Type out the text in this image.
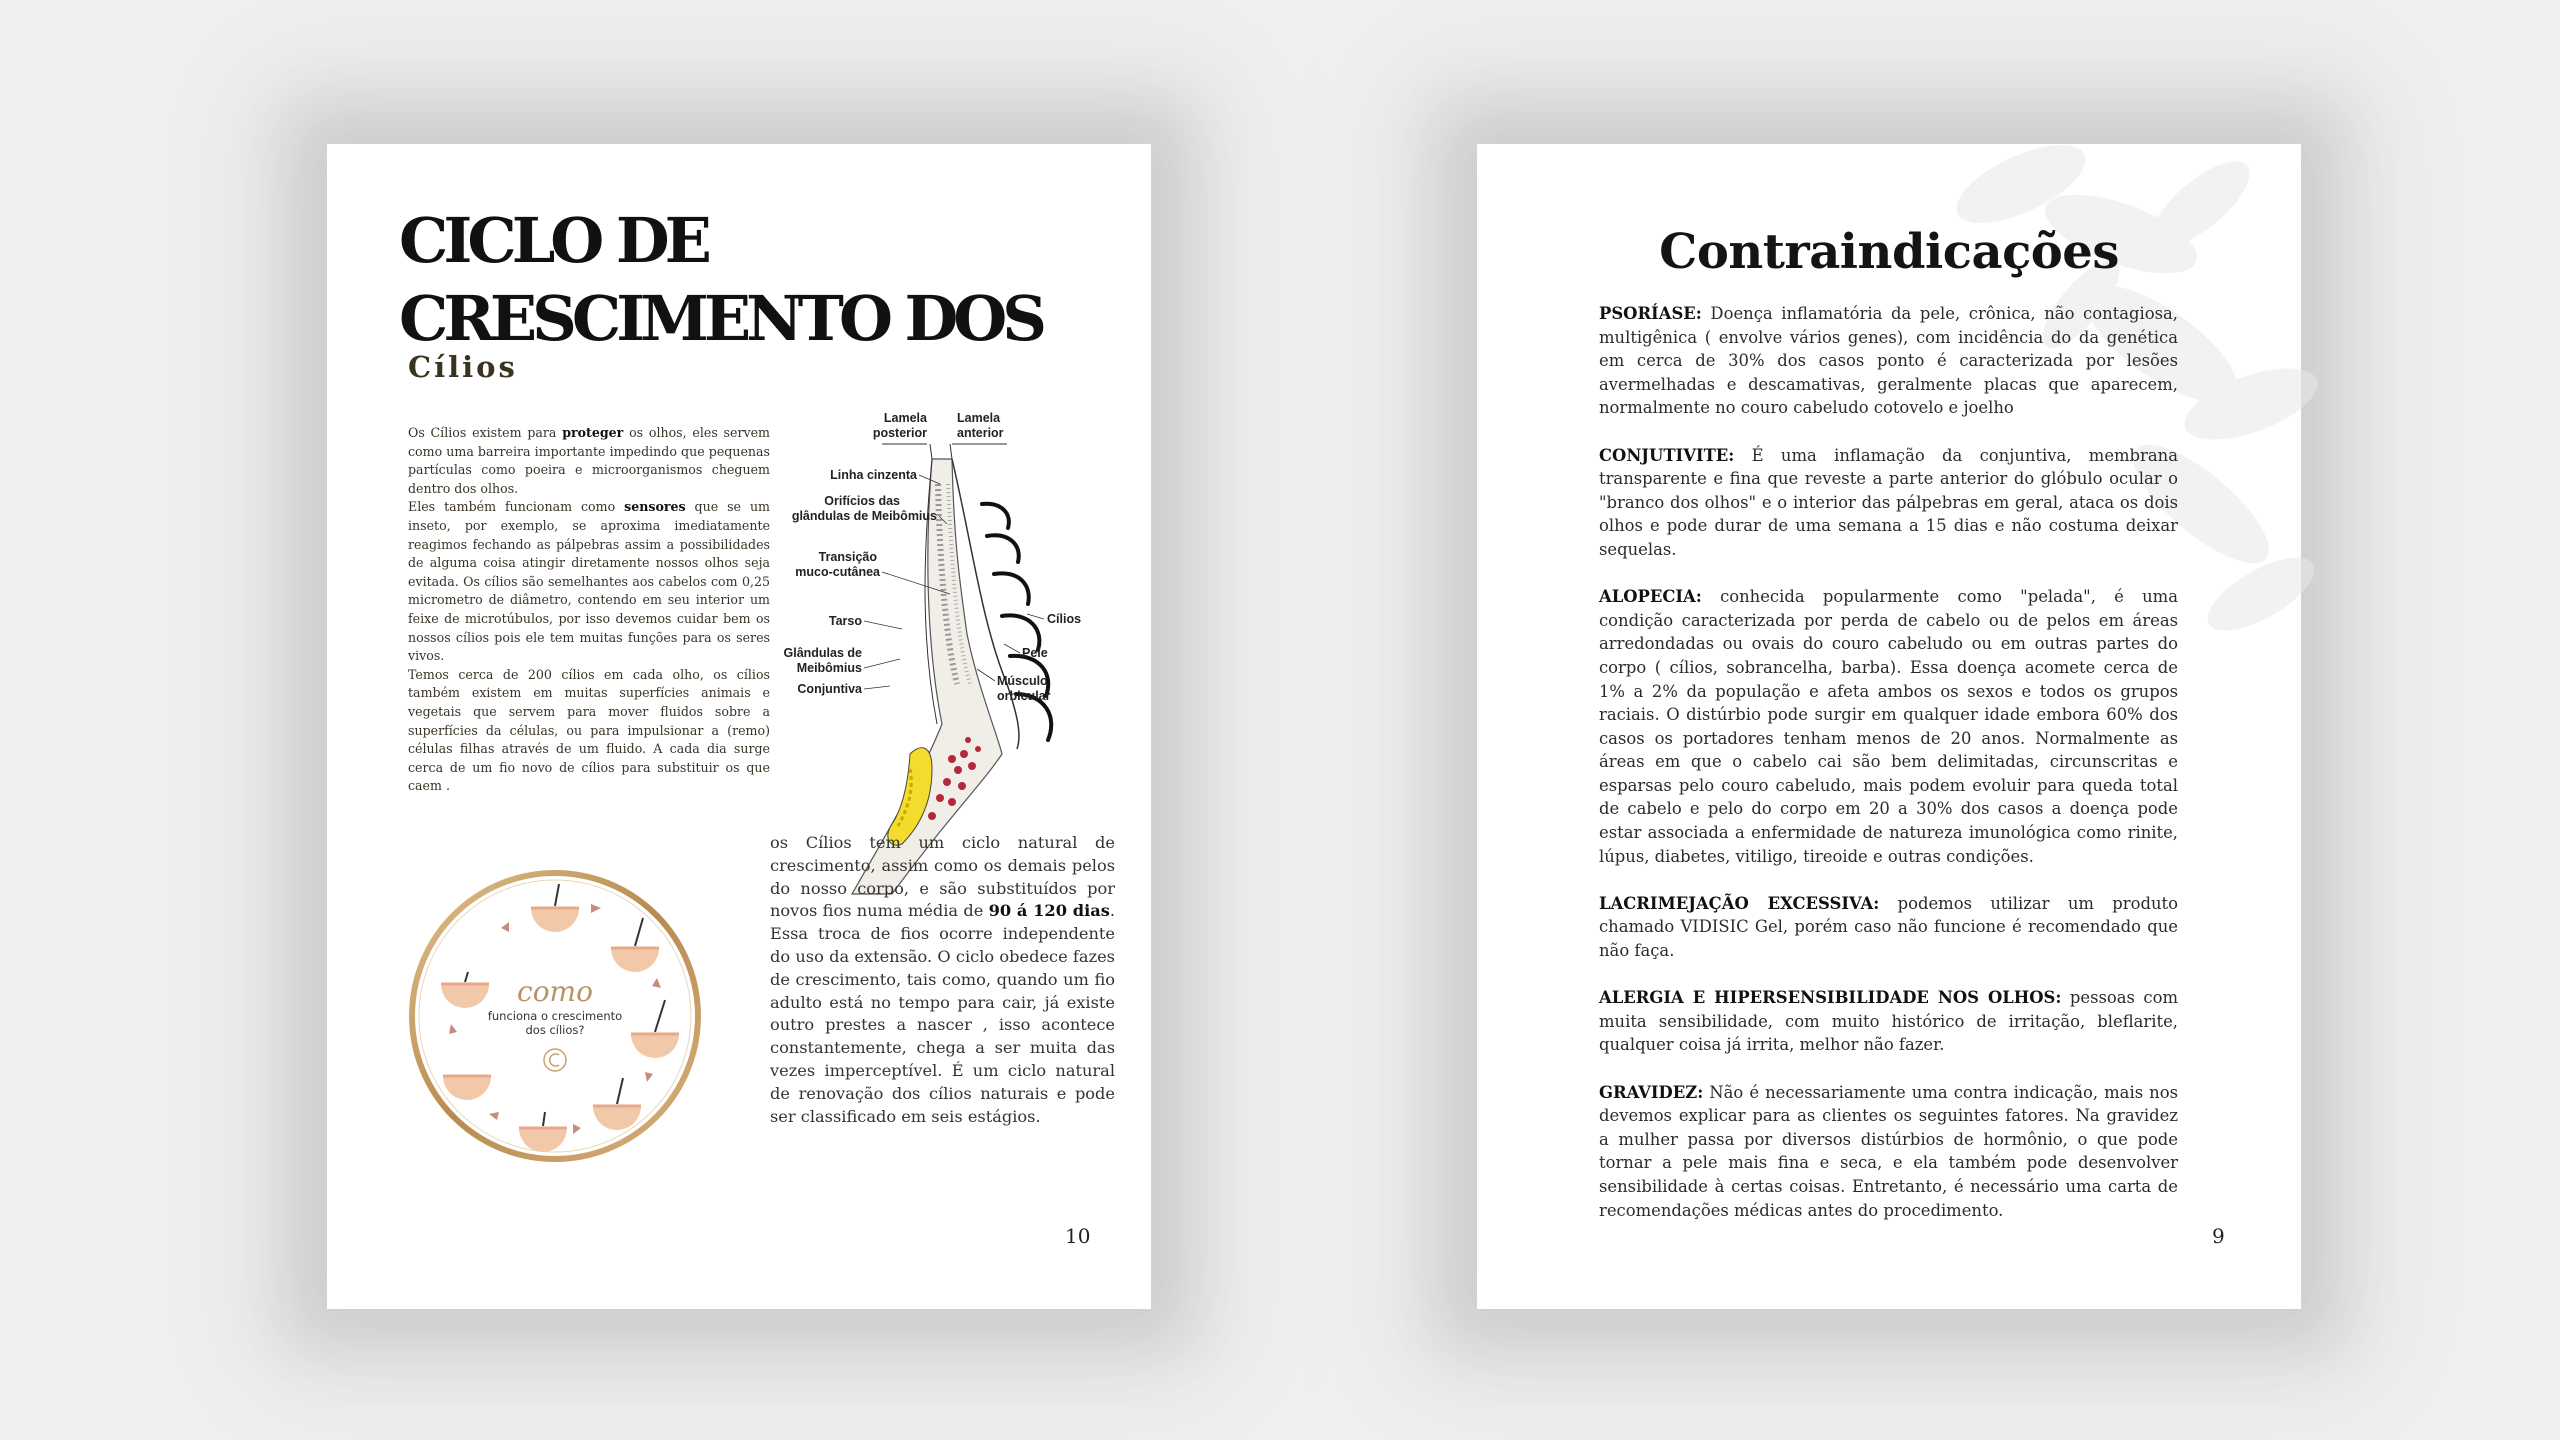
CICLO DE
CRESCIMENTO DOS
Cílios

Os Cílios existem para proteger os olhos, eles servem como uma barreira importante impedindo que pequenas partículas como poeira e microorganismos cheguem dentro dos olhos.

Eles também funcionam como sensores que se um inseto, por exemplo, se aproxima imediatamente reagimos fechando as pálpebras assim a possibilidades de alguma coisa atingir diretamente nossos olhos seja evitada. Os cílios são semelhantes aos cabelos com 0,25 micrometro de diâmetro, contendo em seu interior um feixe de microtúbulos, por isso devemos cuidar bem os nossos cílios pois ele tem muitas funções para os seres vivos.

Temos cerca de 200 cílios em cada olho, os cílios também existem em muitas superfícies animais e vegetais que servem para mover fluidos sobre a superfícies da células, ou para impulsionar a (remo) células filhas através de um fluido. A cada dia surge cerca de um fio novo de cílios para substituir os que caem .

Lamela
posterior
Lamela
anterior
Linha cinzenta
Orifícios das
glândulas de Meibômius
Transição
muco-cutânea
Tarso
Glândulas de
Meibômius
Conjuntiva
Cílios
Pele
Músculo
orbicular
como
funciona o crescimento
dos cílios?

os Cílios tem um ciclo natural de crescimento, assim como os demais pelos do nosso corpo, e são substituídos por novos fios numa média de 90 á 120 dias. Essa troca de fios ocorre independente do uso da extensão. O ciclo obedece fazes de crescimento, tais como, quando um fio adulto está no tempo para cair, já existe outro prestes a nascer , isso acontece constantemente, chega a ser muita das vezes imperceptível. É um ciclo natural de renovação dos cílios naturais e pode ser classificado em seis estágios.

10
Contraindicações

PSORÍASE: Doença inflamatória da pele, crônica, não contagiosa, multigênica ( envolve vários genes), com incidência do da genética em cerca de 30% dos casos ponto é caracterizada por lesões avermelhadas e descamativas, geralmente placas que aparecem, normalmente no couro cabeludo cotovelo e joelho

CONJUTIVITE: É uma inflamação da conjuntiva, membrana transparente e fina que reveste a parte anterior do glóbulo ocular o "branco dos olhos" e o interior das pálpebras em geral, ataca os dois olhos e pode durar de uma semana a 15 dias e não costuma deixar sequelas.

ALOPECIA: conhecida popularmente como "pelada", é uma condição caracterizada por perda de cabelo ou de pelos em áreas arredondadas ou ovais do couro cabeludo ou em outras partes do corpo ( cílios, sobrancelha, barba). Essa doença acomete cerca de 1% a 2% da população e afeta ambos os sexos e todos os grupos raciais. O distúrbio pode surgir em qualquer idade embora 60% dos casos os portadores tenham menos de 20 anos. Normalmente as áreas em que o cabelo cai são bem delimitadas, circunscritas e esparsas pelo couro cabeludo, mais podem evoluir para queda total de cabelo e pelo do corpo em 20 a 30% dos casos a doença pode estar associada a enfermidade de natureza imunológica como rinite, lúpus, diabetes, vitiligo, tireoide e outras condições.

LACRIMEJAÇÃO EXCESSIVA: podemos utilizar um produto chamado VIDISIC Gel, porém caso não funcione é recomendado que não faça.

ALERGIA E HIPERSENSIBILIDADE NOS OLHOS: pessoas com muita sensibilidade, com muito histórico de irritação, bleflarite, qualquer coisa já irrita, melhor não fazer.

GRAVIDEZ: Não é necessariamente uma contra indicação, mais nos devemos explicar para as clientes os seguintes fatores. Na gravidez a mulher passa por diversos distúrbios de hormônio, o que pode tornar a pele mais fina e seca, e ela também pode desenvolver sensibilidade à certas coisas. Entretanto, é necessário uma carta de recomendações médicas antes do procedimento.

9
